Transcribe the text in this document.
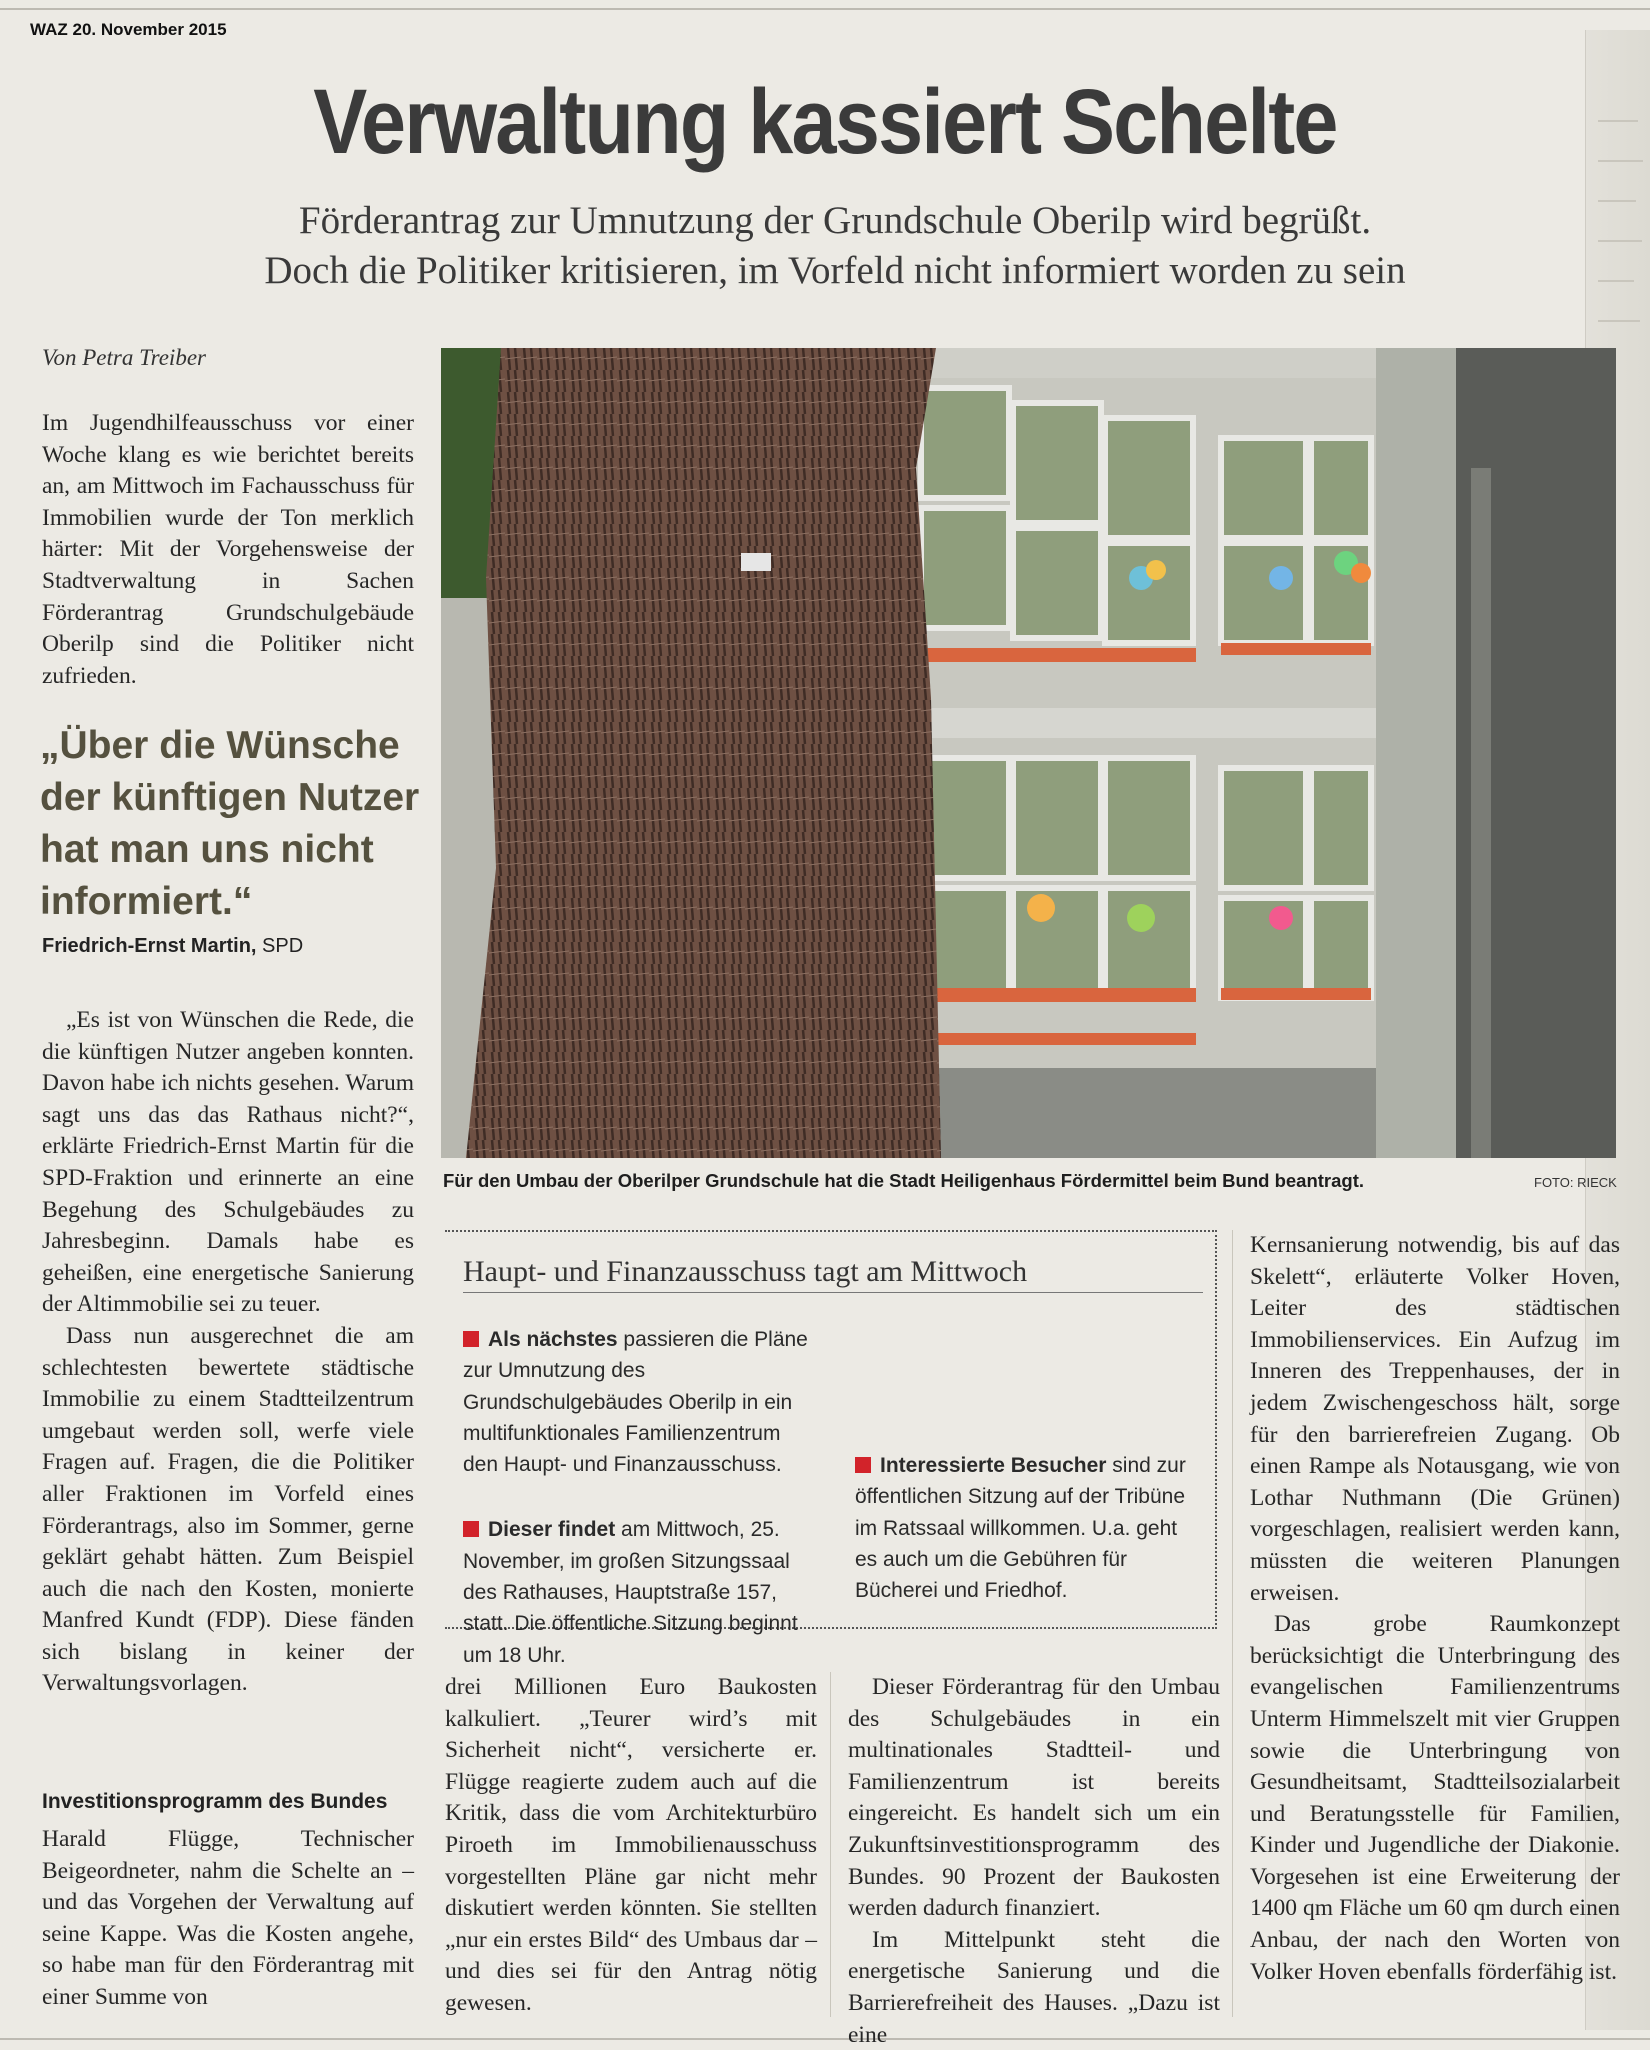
WAZ 20. November 2015
Verwaltung kassiert Schelte
Förderantrag zur Umnutzung der Grundschule Oberilp wird begrüßt.
Doch die Politiker kritisieren, im Vorfeld nicht informiert worden zu sein
Von Petra Treiber

Im Jugendhilfeausschuss vor einer Woche klang es wie berichtet bereits an, am Mittwoch im Fachausschuss für Immobilien wurde der Ton merklich härter: Mit der Vorgehensweise der Stadtverwaltung in Sachen Förderantrag Grundschulgebäude Oberilp sind die Politiker nicht zufrieden.

„Über die Wünsche der künftigen Nutzer hat man uns nicht informiert.“
Friedrich-Ernst Martin, SPD

„Es ist von Wünschen die Rede, die die künftigen Nutzer angeben konnten. Davon habe ich nichts gesehen. Warum sagt uns das das Rathaus nicht?“, erklärte Friedrich-Ernst Martin für die SPD-Fraktion und erinnerte an eine Begehung des Schulgebäudes zu Jahresbeginn. Damals habe es geheißen, eine energetische Sanierung der Altimmobilie sei zu teuer.

Dass nun ausgerechnet die am schlechtesten bewertete städtische Immobilie zu einem Stadtteilzentrum umgebaut werden soll, werfe viele Fragen auf. Fragen, die die Politiker aller Fraktionen im Vorfeld eines Förderantrags, also im Sommer, gerne geklärt gehabt hätten. Zum Beispiel auch die nach den Kosten, monierte Manfred Kundt (FDP). Diese fänden sich bislang in keiner der Verwaltungsvorlagen.

Investitionsprogramm des Bundes

Harald Flügge, Technischer Beigeordneter, nahm die Schelte an – und das Vorgehen der Verwaltung auf seine Kappe. Was die Kosten angehe, so habe man für den Förderantrag mit einer Summe von

Für den Umbau der Oberilper Grundschule hat die Stadt Heiligenhaus Fördermittel beim Bund beantragt.	FOTO: RIECK
Haupt- und Finanzausschuss tagt am Mittwoch

Als nächstes passieren die Pläne zur Umnutzung des Grundschulgebäudes Oberilp in ein multifunktionales Familienzentrum den Haupt- und Finanzausschuss.

Dieser findet am Mittwoch, 25. November, im großen Sitzungssaal des Rathauses, Hauptstraße 157, statt. Die öffentliche Sitzung beginnt um 18 Uhr.

Interessierte Besucher sind zur öffentlichen Sitzung auf der Tribüne im Ratssaal willkommen. U.a. geht es auch um die Gebühren für Bücherei und Friedhof.

drei Millionen Euro Baukosten kalkuliert. „Teurer wird’s mit Sicherheit nicht“, versicherte er. Flügge reagierte zudem auch auf die Kritik, dass die vom Architekturbüro Piroeth im Immobilienausschuss vorgestellten Pläne gar nicht mehr diskutiert werden könnten. Sie stellten „nur ein erstes Bild“ des Umbaus dar – und dies sei für den Antrag nötig gewesen.

Dieser Förderantrag für den Umbau des Schulgebäudes in ein multinationales Stadtteil- und Familienzentrum ist bereits eingereicht. Es handelt sich um ein Zukunftsinvestitionsprogramm des Bundes. 90 Prozent der Baukosten werden dadurch finanziert.

Im Mittelpunkt steht die energetische Sanierung und die Barrierefreiheit des Hauses. „Dazu ist eine

Kernsanierung notwendig, bis auf das Skelett“, erläuterte Volker Hoven, Leiter des städtischen Immobilienservices. Ein Aufzug im Inneren des Treppenhauses, der in jedem Zwischengeschoss hält, sorge für den barrierefreien Zugang. Ob einen Rampe als Notausgang, wie von Lothar Nuthmann (Die Grünen) vorgeschlagen, realisiert werden kann, müssten die weiteren Planungen erweisen.

Das grobe Raumkonzept berücksichtigt die Unterbringung des evangelischen Familienzentrums Unterm Himmelszelt mit vier Gruppen sowie die Unterbringung von Gesundheitsamt, Stadtteilsozialarbeit und Beratungsstelle für Familien, Kinder und Jugendliche der Diakonie. Vorgesehen ist eine Erweiterung der 1400 qm Fläche um 60 qm durch einen Anbau, der nach den Worten von Volker Hoven ebenfalls förderfähig ist.
